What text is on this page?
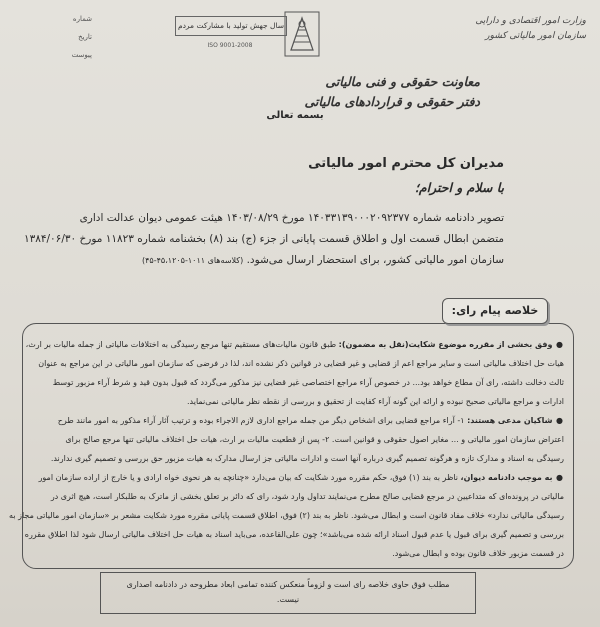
وزارت امور اقتصادی و دارایی
سازمان امور مالیاتی کشور
سال جهش تولید با مشارکت مردم
ISO 9001-2008
شماره
تاریخ
پیوست
معاونت حقوقی و فنی مالیاتی
دفتر حقوقی و قراردادهای مالیاتی
بسمه تعالی
مدیران کل محترم امور مالیاتی
با سلام و احترام؛

تصویر دادنامه شماره ۱۴۰۳۳۱۳۹۰۰۰۲۰۹۲۳۷۷ مورخ ۱۴۰۳/۰۸/۲۹ هیئت عمومی دیوان عدالت اداری

متضمن ابطال قسمت اول و اطلاق قسمت پایانی از جزء (ج) بند (۸) بخشنامه شماره ۱۱۸۲۳ مورخ ۱۳۸۴/۰۶/۳۰

سازمان امور مالیاتی کشور، برای استحضار ارسال می‌شود. (کلاسه‌های ۱۰۱۱-۴۵،۱۲۰۵-۴۵)

خلاصه پیام رای:

● وفق بخشی از مقرره موضوع شکایت(نقل به مضمون): طبق قانون مالیات‌های مستقیم تنها مرجع رسیدگی به اختلافات مالیاتی از جمله مالیات بر ارث،

هیات حل اختلاف مالیاتی است و سایر مراجع اعم از قضایی و غیر قضایی در قوانین ذکر نشده اند، لذا در فرضی که سازمان امور مالیاتی در این مراجع به عنوان

ثالث دخالت داشته، رای آن مطاع خواهد بود... در خصوص آراء مراجع اختصاصی غیر قضایی نیز مذکور می‌گردد که قبول بدون قید و شرط آراء مزبور توسط

ادارات و مراجع مالیاتی صحیح نبوده و ارائه این گونه آراء کفایت از تحقیق و بررسی از نقطه نظر مالیاتی نمی‌نماید.

● شاکیان مدعی هستند: ۱- آراء مراجع قضایی برای اشخاص دیگر من جمله مراجع اداری لازم الاجراء بوده و ترتیب آثار آراء مذکور به امور مانند طرح

اعتراض سازمان امور مالیاتی و ... مغایر اصول حقوقی و قوانین است. ۲- پس از قطعیت مالیات بر ارث، هیات حل اختلاف مالیاتی تنها مرجع صالح برای

رسیدگی به اسناد و مدارک تازه و هرگونه تصمیم گیری درباره آنها است و ادارات مالیاتی جز ارسال مدارک به هیات مزبور حق بررسی و تصمیم گیری ندارند.

● به موجب دادنامه دیوان، ناظر به بند (۱) فوق، حکم مقرره مورد شکایت که بیان می‌دارد «چنانچه به هر نحوی خواه ارادی و یا خارج از اراده سازمان امور

مالیاتی در پرونده‌ای که متداعیین در مرجع قضایی صالح مطرح می‌نمایند تداول وارد شود، رای که دائر بر تعلق بخشی از ماترک به طلبکار است، هیچ اثری در

رسیدگی مالیاتی ندارد» خلاف مفاد قانون است و ابطال می‌شود. ناظر به بند (۲) فوق، اطلاق قسمت پایانی مقرره مورد شکایت مشعر بر «سازمان امور مالیاتی مجاز به

بررسی و تصمیم گیری برای قبول یا عدم قبول اسناد ارائه شده می‌باشد»؛ چون علی‌القاعده، می‌باید اسناد به هیات حل اختلاف مالیاتی ارسال شود لذا اطلاق مقرره

در قسمت مزبور خلاف قانون بوده و ابطال می‌شود.

مطلب فوق حاوی خلاصه رای است و لزوماً منعکس کننده تمامی ابعاد مطروحه در دادنامه اصداری
نیست.
